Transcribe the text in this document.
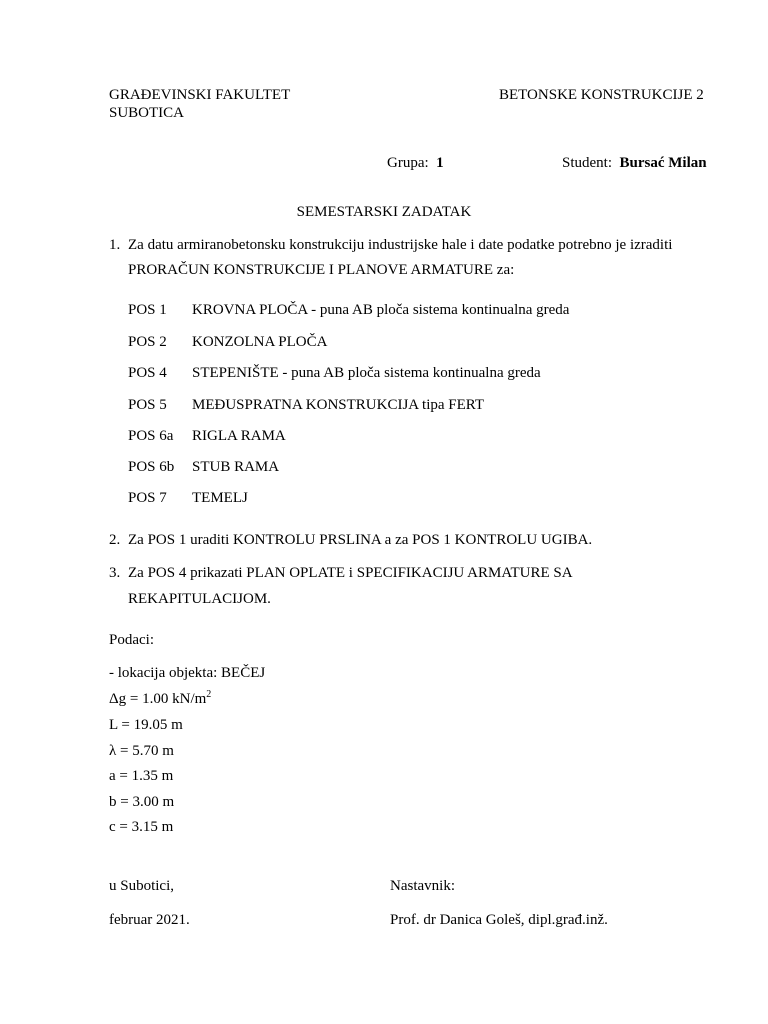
GRAĐEVINSKI FAKULTET
SUBOTICA
BETONSKE KONSTRUKCIJE 2
Grupa: 1	Student: Bursać Milan
SEMESTARSKI ZADATAK
1. Za datu armiranobetonsku konstrukciju industrijske hale i date podatke potrebno je izraditi
PRORAČUN KONSTRUKCIJE I PLANOVE ARMATURE za:
POS 1 KROVNA PLOČA - puna AB ploča sistema kontinualna greda
POS 2 KONZOLNA PLOČA
POS 4 STEPENIŠTE - puna AB ploča sistema kontinualna greda
POS 5 MEĐUSPRATNA KONSTRUKCIJA tipa FERT
POS 6a RIGLA RAMA
POS 6b STUB RAMA
POS 7 TEMELJ
2. Za POS 1 uraditi KONTROLU PRSLINA a za POS 1 KONTROLU UGIBA.
3. Za POS 4 prikazati PLAN OPLATE i SPECIFIKACIJU ARMATURE SA
REKAPITULACIJOM.
Podaci:
- lokacija objekta: BEČEJ
Δg = 1.00 $kN/m^2$
L = 19.05 m
λ = 5.70 m
a = 1.35 m
b = 3.00 m
c = 3.15 m
u Subotici,
februar 2021.
Nastavnik:
Prof. dr Danica Goleš, dipl.građ.inž.
